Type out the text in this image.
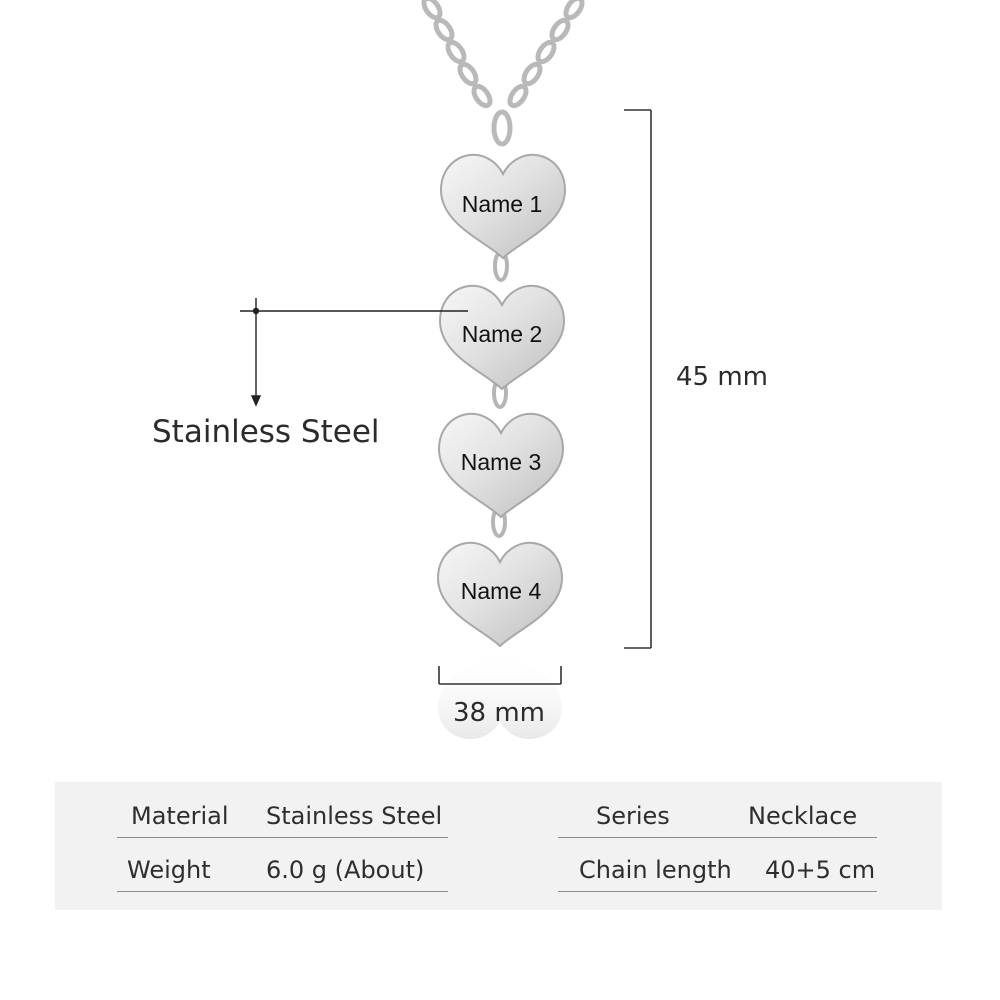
Name 1
Name 2
Name 3
Name 4
Stainless Steel
45 mm
38 mm
Material Stainless Steel
Weight 6.0 g (About)
Series	Necklace
Chain length 40+5 cm
